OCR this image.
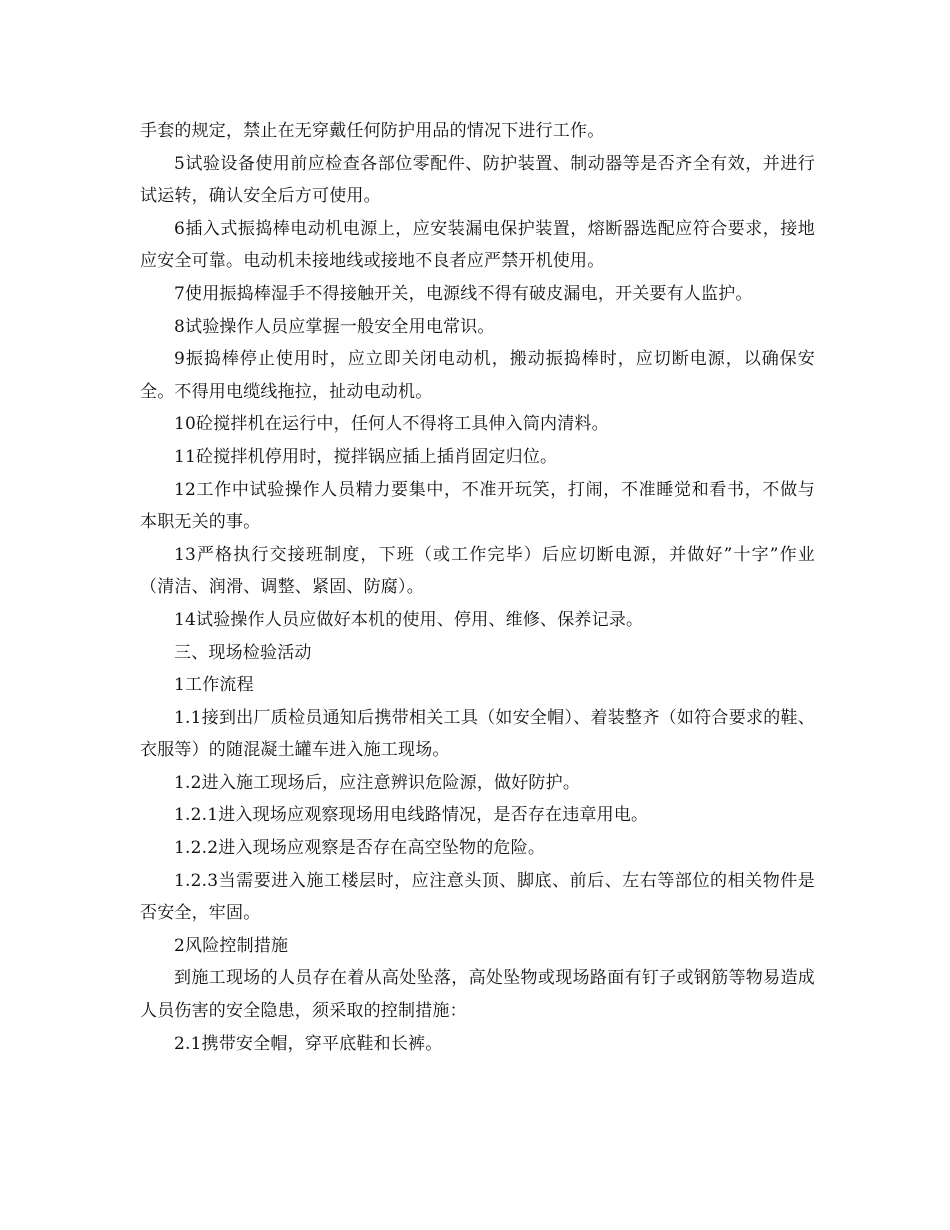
手套的规定，禁止在无穿戴任何防护用品的情况下进行工作。

5试验设备使用前应检查各部位零配件、防护装置、制动器等是否齐全有效，并进行试运转，确认安全后方可使用。

6插入式振捣棒电动机电源上，应安装漏电保护装置，熔断器选配应符合要求，接地应安全可靠。电动机未接地线或接地不良者应严禁开机使用。

7使用振捣棒湿手不得接触开关，电源线不得有破皮漏电，开关要有人监护。

8试验操作人员应掌握一般安全用电常识。

9振捣棒停止使用时，应立即关闭电动机，搬动振捣棒时，应切断电源，以确保安全。不得用电缆线拖拉，扯动电动机。

10砼搅拌机在运行中，任何人不得将工具伸入筒内清料。

11砼搅拌机停用时，搅拌锅应插上插肖固定归位。

12工作中试验操作人员精力要集中，不准开玩笑，打闹，不准睡觉和看书，不做与本职无关的事。

13严格执行交接班制度，下班（或工作完毕）后应切断电源，并做好”十字”作业（清洁、润滑、调整、紧固、防腐）。

14试验操作人员应做好本机的使用、停用、维修、保养记录。

三、现场检验活动

1工作流程

1.1接到出厂质检员通知后携带相关工具（如安全帽）、着装整齐（如符合要求的鞋、衣服等）的随混凝土罐车进入施工现场。

1.2进入施工现场后，应注意辨识危险源，做好防护。

1.2.1进入现场应观察现场用电线路情况，是否存在违章用电。

1.2.2进入现场应观察是否存在高空坠物的危险。

1.2.3当需要进入施工楼层时，应注意头顶、脚底、前后、左右等部位的相关物件是否安全，牢固。

2风险控制措施

到施工现场的人员存在着从高处坠落，高处坠物或现场路面有钉子或钢筋等物易造成人员伤害的安全隐患，须采取的控制措施：

2.1携带安全帽，穿平底鞋和长裤。
